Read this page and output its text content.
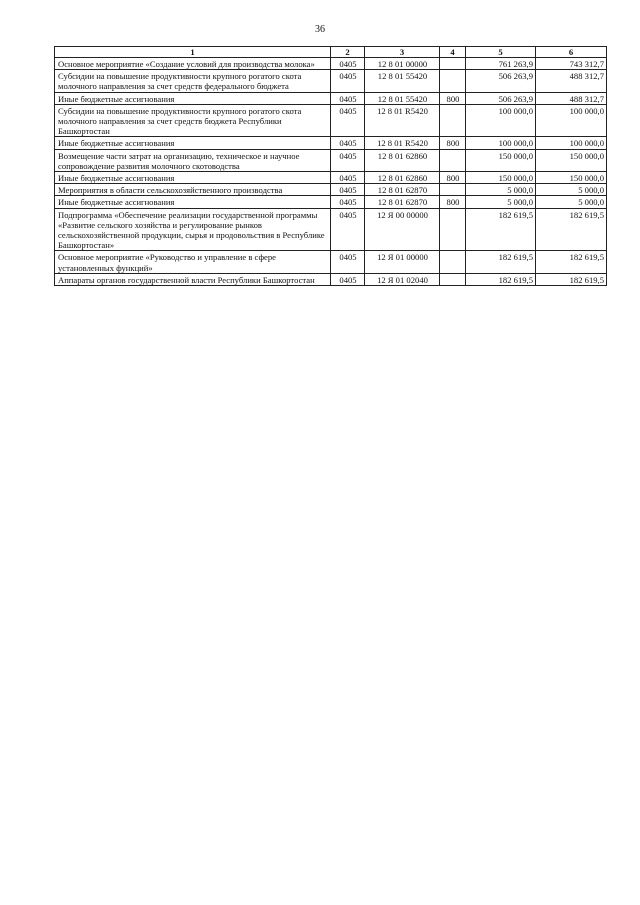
36
1	2	3	4	5	6
Основное мероприятие «Создание условий для производства молока»	0405	12 8 01 00000		761 263,9	743 312,7
Субсидии на повышение продуктивности крупного рогатого скота молочного направления за счет средств федерального бюджета	0405	12 8 01 55420		506 263,9	488 312,7
Иные бюджетные ассигнования	0405	12 8 01 55420	800	506 263,9	488 312,7
Субсидии на повышение продуктивности крупного рогатого скота молочного направления за счет средств бюджета Республики Башкортостан	0405	12 8 01 R5420		100 000,0	100 000,0
Иные бюджетные ассигнования	0405	12 8 01 R5420	800	100 000,0	100 000,0
Возмещение части затрат на организацию, техническое и научное сопровождение развития молочного скотоводства	0405	12 8 01 62860		150 000,0	150 000,0
Иные бюджетные ассигнования	0405	12 8 01 62860	800	150 000,0	150 000,0
Мероприятия в области сельскохозяйственного производства	0405	12 8 01 62870		5 000,0	5 000,0
Иные бюджетные ассигнования	0405	12 8 01 62870	800	5 000,0	5 000,0
Подпрограмма «Обеспечение реализации государственной программы «Развитие сельского хозяйства и регулирование рынков сельскохозяйственной продукции, сырья и продовольствия в Республике Башкортостан»	0405	12 Я 00 00000		182 619,5	182 619,5
Основное мероприятие «Руководство и управление в сфере установленных функций»	0405	12 Я 01 00000		182 619,5	182 619,5
Аппараты органов государственной власти Республики Башкортостан	0405	12 Я 01 02040		182 619,5	182 619,5
